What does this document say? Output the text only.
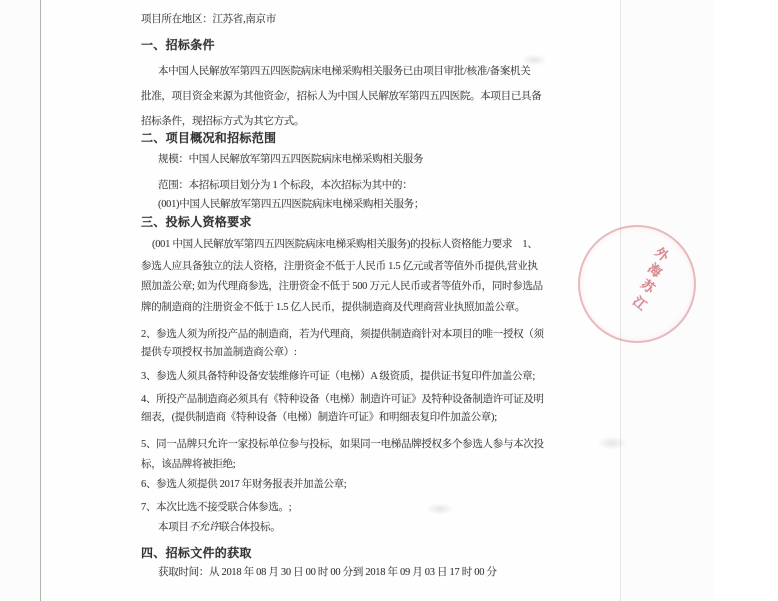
项目所在地区：江苏省,南京市
一、招标条件
本中国人民解放军第四五四医院病床电梯采购相关服务已由项目审批/核准/备案机关
批准，项目资金来源为其他资金/，招标人为中国人民解放军第四五四医院。本项目已具备
招标条件，现招标方式为其它方式。
二、项目概况和招标范围
规模：中国人民解放军第四五四医院病床电梯采购相关服务
范围：本招标项目划分为 1 个标段，本次招标为其中的：
(001)中国人民解放军第四五四医院病床电梯采购相关服务；
三、投标人资格要求
(001 中国人民解放军第四五四医院病床电梯采购相关服务)的投标人资格能力要求　1、
参选人应具备独立的法人资格，注册资金不低于人民币 1.5 亿元或者等值外币提供,营业执
照加盖公章; 如为代理商参选，注册资金不低于 500 万元人民币或者等值外币，同时参选品
牌的制造商的注册资金不低于 1.5 亿人民币，提供制造商及代理商营业执照加盖公章。
2、参选人须为所投产品的制造商，若为代理商，须提供制造商针对本项目的唯一授权（须
提供专项授权书加盖制造商公章）:
3、参选人须具备特种设备安装维修许可证（电梯）A 级资质，提供证书复印件加盖公章;
4、所投产品制造商必须具有《特种设备（电梯）制造许可证》及特种设备制造许可证及明
细表，(提供制造商《特种设备（电梯）制造许可证》和明细表复印件加盖公章);
5、同一品牌只允许一家投标单位参与投标，如果同一电梯品牌授权多个参选人参与本次投
标，该品牌将被拒绝;
6、参选人须提供 2017 年财务报表并加盖公章;
7、本次比选不接受联合体参选。;
本项目不允许联合体投标。
四、招标文件的获取
获取时间：从 2018 年 08 月 30 日 00 时 00 分到 2018 年 09 月 03 日 17 时 00 分
江
苏
海
外
